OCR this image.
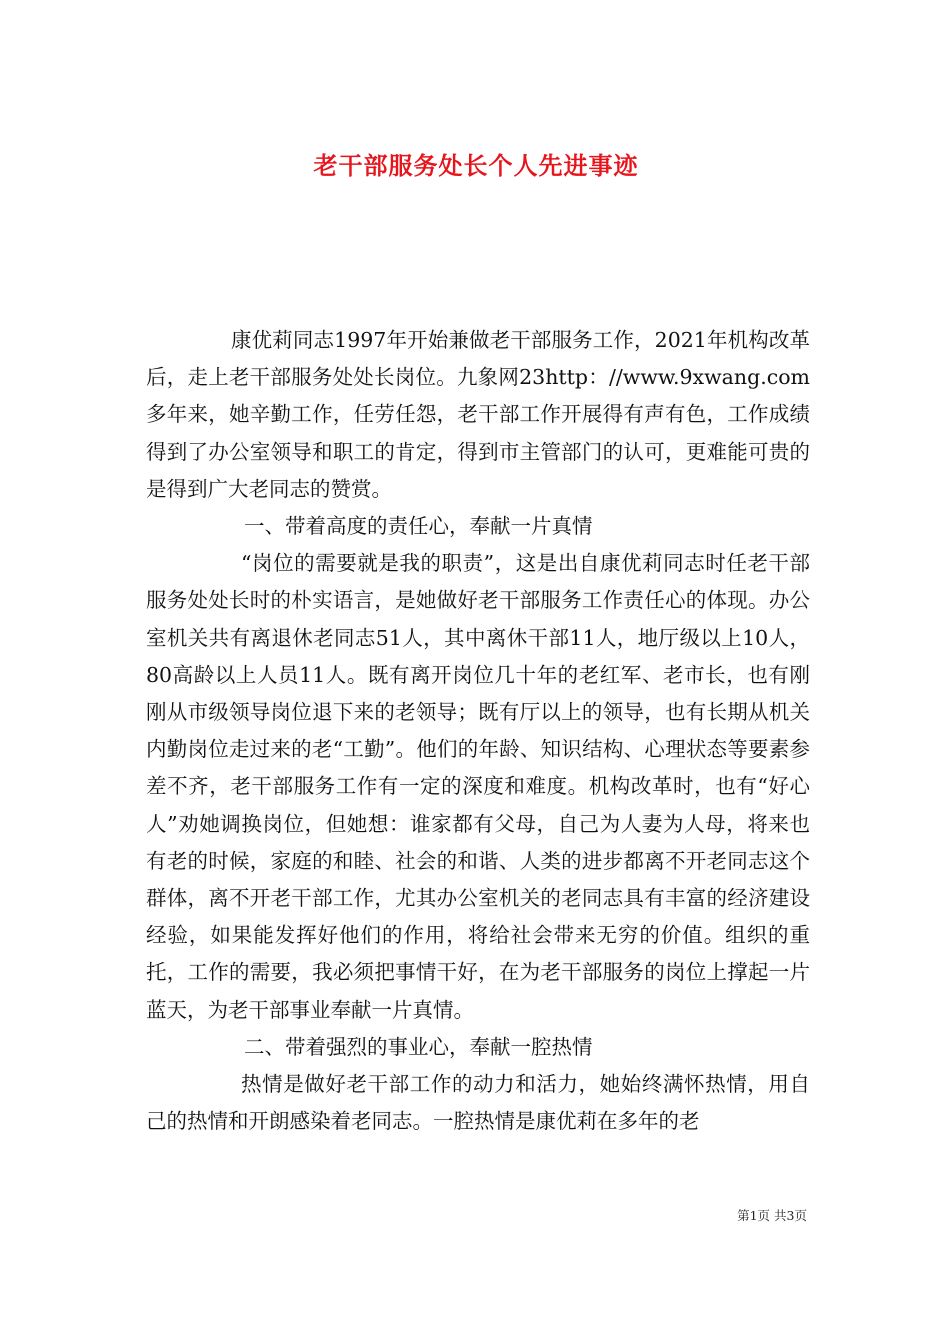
老干部服务处长个人先进事迹

康优莉同志1997年开始兼做老干部服务工作，2021年机构改革后，走上老干部服务处处长岗位。九象网23http：//www.9xwang.com多年来，她辛勤工作，任劳任怨，老干部工作开展得有声有色，工作成绩得到了办公室领导和职工的肯定，得到市主管部门的认可，更难能可贵的是得到广大老同志的赞赏。

一、带着高度的责任心，奉献一片真情

“岗位的需要就是我的职责”，这是出自康优莉同志时任老干部服务处处长时的朴实语言，是她做好老干部服务工作责任心的体现。办公室机关共有离退休老同志51人，其中离休干部11人，地厅级以上10人，80高龄以上人员11人。既有离开岗位几十年的老红军、老市长，也有刚刚从市级领导岗位退下来的老领导；既有厅以上的领导，也有长期从机关内勤岗位走过来的老“工勤”。他们的年龄、知识结构、心理状态等要素参差不齐，老干部服务工作有一定的深度和难度。机构改革时，也有“好心人”劝她调换岗位，但她想：谁家都有父母，自己为人妻为人母，将来也有老的时候，家庭的和睦、社会的和谐、人类的进步都离不开老同志这个群体，离不开老干部工作，尤其办公室机关的老同志具有丰富的经济建设经验，如果能发挥好他们的作用，将给社会带来无穷的价值。组织的重托，工作的需要，我必须把事情干好，在为老干部服务的岗位上撑起一片蓝天，为老干部事业奉献一片真情。

二、带着强烈的事业心，奉献一腔热情

热情是做好老干部工作的动力和活力，她始终满怀热情，用自己的热情和开朗感染着老同志。一腔热情是康优莉在多年的老

第1页 共3页
